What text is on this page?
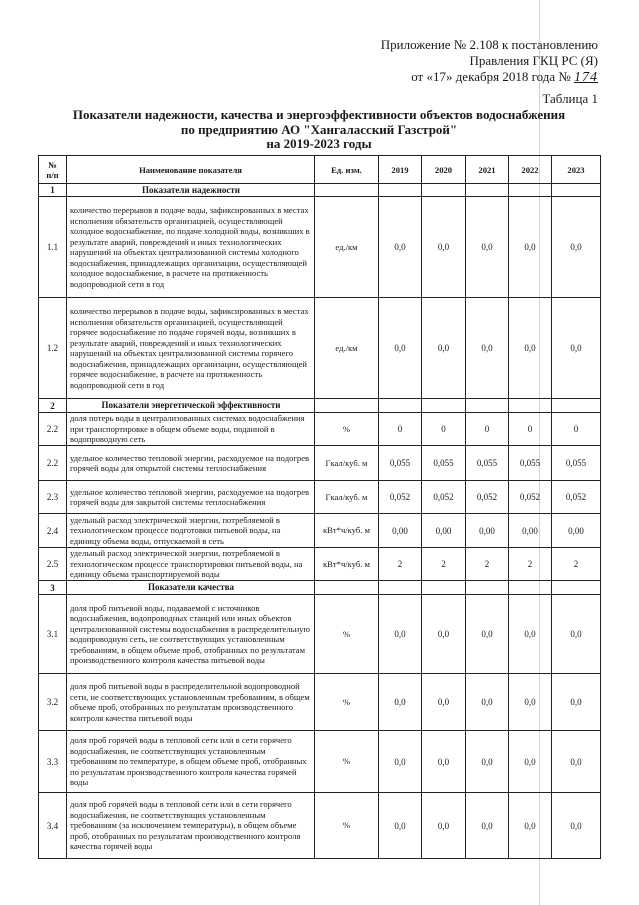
Приложение № 2.108 к постановлению
Правления ГКЦ РС (Я)
от «17» декабря 2018 года № 174
Таблица 1
Показатели надежности, качества и энергоэффективности объектов водоснабжения
по предприятию АО "Хангаласский Газстрой"
на 2019-2023 годы
№
п/п	Наименование показателя	Ед. изм.	2019	2020	2021	2022	2023
1	Показатели надежности						
1.1	количество перерывов в подаче воды, зафиксированных в местах исполнения обязательств организацией, осуществляющей холодное водоснабжение, по подаче холодной воды, возникших в результате аварий, повреждений и иных технологических нарушений на объектах централизованной системы холодного водоснабжения, принадлежащих организации, осуществляющей холодное водоснабжение, в расчете на протяженность водопроводной сети в год	ед./км	0,0	0,0	0,0	0,0	0,0
1.2	количество перерывов в подаче воды, зафиксированных в местах исполнения обязательств организацией, осуществляющей горячее водоснабжение по подаче горячей воды, возникших в результате аварий, повреждений и иных технологических нарушений на объектах централизованной системы горячего водоснабжения, принадлежащих организации, осуществляющей горячее водоснабжение, в расчете на протяженность водопроводной сети в год	ед./км	0,0	0,0	0,0	0,0	0,0
2	Показатели энергетической эффективности						
2.2	доля потерь воды в централизованных системах водоснабжения при транспортировке в общем объеме воды, поданной в водопроводную сеть	%	0	0	0	0	0
2.2	удельное количество тепловой энергии, расходуемое на подогрев горячей воды для открытой системы теплоснабжения	Гкал/куб. м	0,055	0,055	0,055	0,055	0,055
2.3	удельное количество тепловой энергии, расходуемое на подогрев горячей воды для закрытой системы теплоснабжения	Гкал/куб. м	0,052	0,052	0,052	0,052	0,052
2.4	удельный расход электрической энергии, потребляемой в технологическом процессе подготовки питьевой воды, на единицу объема воды, отпускаемой в сеть	кВт*ч/куб. м	0,00	0,00	0,00	0,00	0,00
2.5	удельный расход электрической энергии, потребляемой в технологическом процессе транспортировки питьевой воды, на единицу объема транспортируемой воды	кВт*ч/куб. м	2	2	2	2	2
3	Показатели качества						
3.1	доля проб питьевой воды, подаваемой с источников водоснабжения, водопроводных станций или иных объектов централизованной системы водоснабжения в распределительную водопроводную сеть, не соответствующих установленным требованиям, в общем объеме проб, отобранных по результатам производственного контроля качества питьевой воды	%	0,0	0,0	0,0	0,0	0,0
3.2	доля проб питьевой воды в распределительной водопроводной сети, не соответствующих установленным требованиям, в общем объеме проб, отобранных по результатам производственного контроля качества питьевой воды	%	0,0	0,0	0,0	0,0	0,0
3.3	доля проб горячей воды в тепловой сети или в сети горячего водоснабжения, не соответствующих установленным требованиям по температуре, в общем объеме проб, отобранных по результатам производственного контроля качества горячей воды	%	0,0	0,0	0,0	0,0	0,0
3.4	доля проб горячей воды в тепловой сети или в сети горячего водоснабжения, не соответствующих установленным требованиям (за исключением температуры), в общем объеме проб, отобранных по результатам производственного контроля качества горячей воды	%	0,0	0,0	0,0	0,0	0,0
